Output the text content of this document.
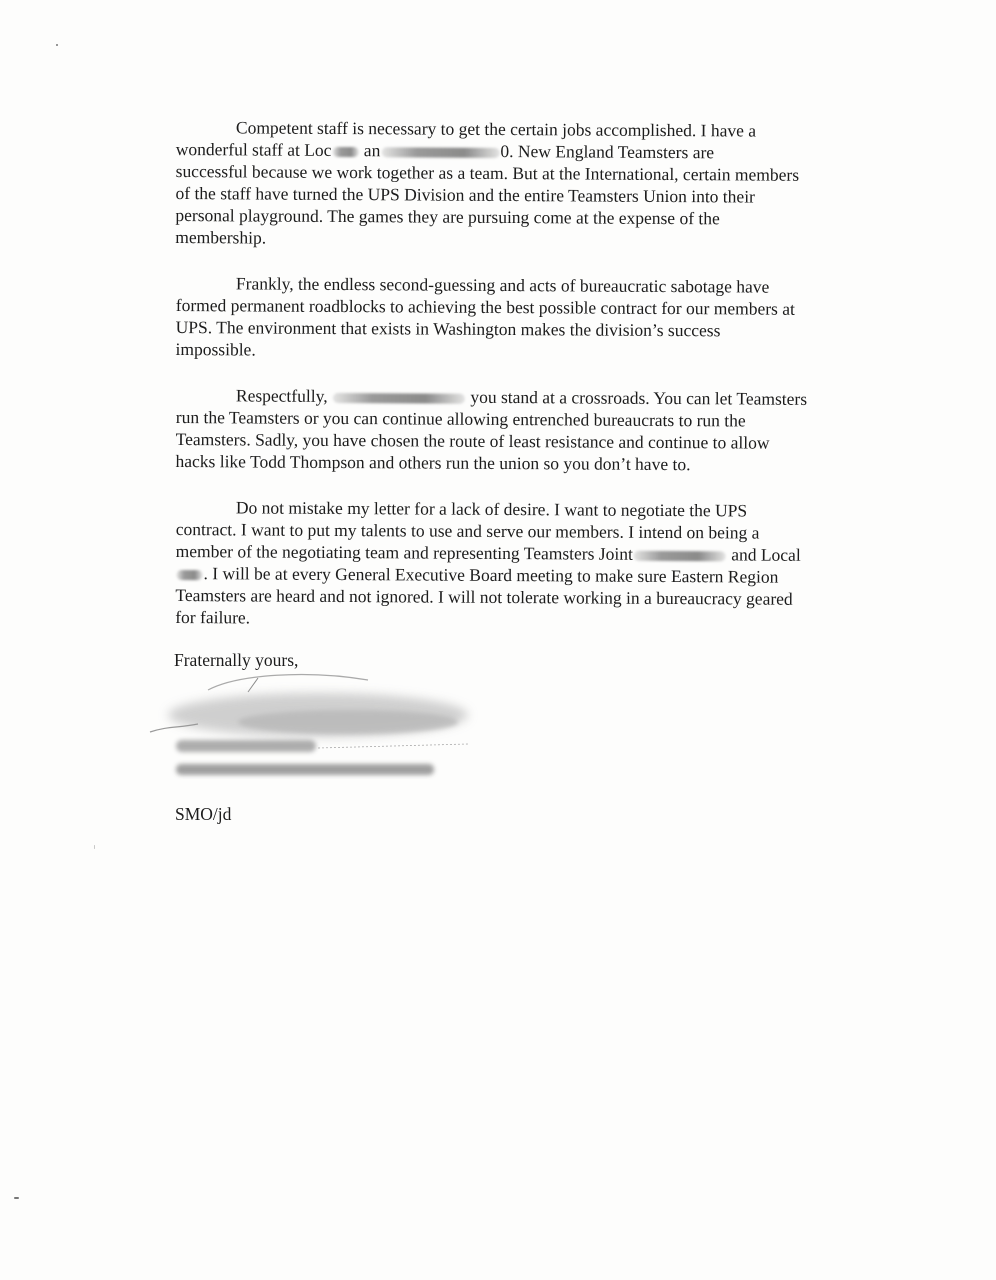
Competent staff is necessary to get the certain jobs accomplished. I have a
wonderful staff at Loc an	0. New England Teamsters are
successful because we work together as a team. But at the International, certain members
of the staff have turned the UPS Division and the entire Teamsters Union into their
personal playground. The games they are pursuing come at the expense of the
membership.
Frankly, the endless second-guessing and acts of bureaucratic sabotage have
formed permanent roadblocks to achieving the best possible contract for our members at
UPS. The environment that exists in Washington makes the division’s success
impossible.
Respectfully,	you stand at a crossroads. You can let Teamsters
run the Teamsters or you can continue allowing entrenched bureaucrats to run the
Teamsters. Sadly, you have chosen the route of least resistance and continue to allow
hacks like Todd Thompson and others run the union so you don’t have to.
Do not mistake my letter for a lack of desire. I want to negotiate the UPS
contract. I want to put my talents to use and serve our members. I intend on being a
member of the negotiating team and representing Teamsters Joint	and Local
. I will be at every General Executive Board meeting to make sure Eastern Region
Teamsters are heard and not ignored. I will not tolerate working in a bureaucracy geared
for failure.
Fraternally yours,
SMO/jd
